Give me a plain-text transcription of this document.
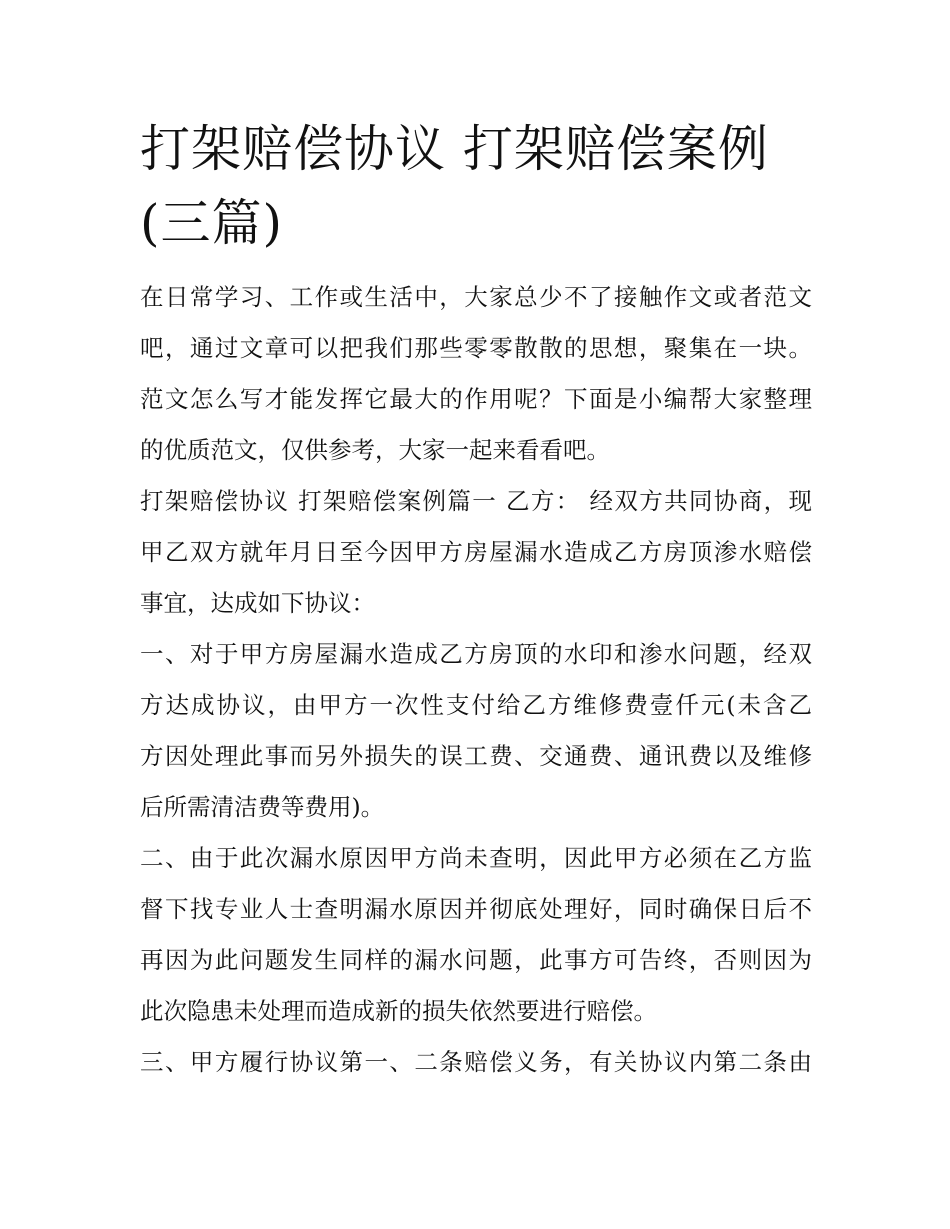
打架赔偿协议 打架赔偿案例
(三篇)

在日常学习、工作或生活中，大家总少不了接触作文或者范文
吧，通过文章可以把我们那些零零散散的思想，聚集在一块。
范文怎么写才能发挥它最大的作用呢？下面是小编帮大家整理
的优质范文，仅供参考，大家一起来看看吧。

打架赔偿协议 打架赔偿案例篇一 乙方： 经双方共同协商，现
甲乙双方就年月日至今因甲方房屋漏水造成乙方房顶渗水赔偿
事宜，达成如下协议：

一、对于甲方房屋漏水造成乙方房顶的水印和渗水问题，经双
方达成协议，由甲方一次性支付给乙方维修费壹仟元(未含乙
方因处理此事而另外损失的误工费、交通费、通讯费以及维修
后所需清洁费等费用)。

二、由于此次漏水原因甲方尚未查明，因此甲方必须在乙方监
督下找专业人士查明漏水原因并彻底处理好，同时确保日后不
再因为此问题发生同样的漏水问题，此事方可告终，否则因为
此次隐患未处理而造成新的损失依然要进行赔偿。

三、甲方履行协议第一、二条赔偿义务，有关协议内第二条由
